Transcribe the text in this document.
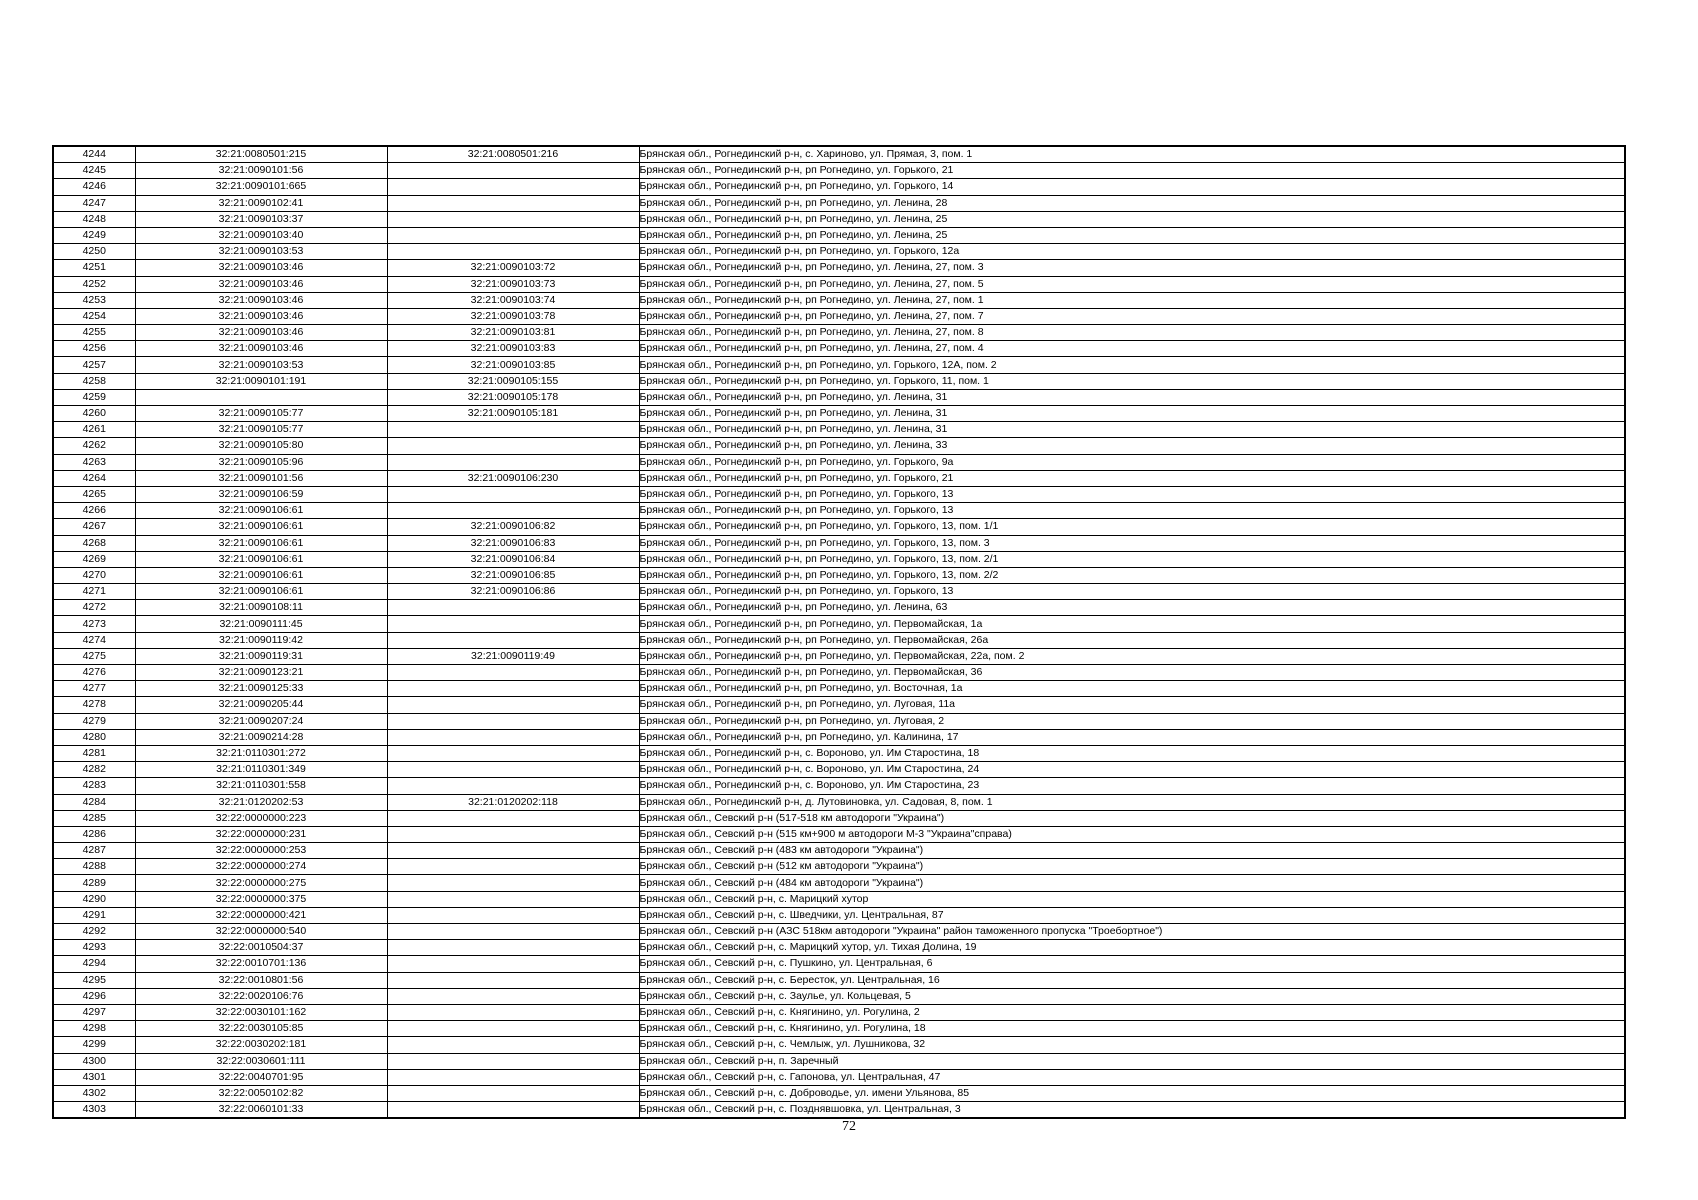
4244	32:21:0080501:215	32:21:0080501:216	Брянская обл., Рогнединский р-н, с. Хариново, ул. Прямая, 3, пом. 1
4245	32:21:0090101:56		Брянская обл., Рогнединский р-н, рп Рогнедино, ул. Горького, 21
4246	32:21:0090101:665		Брянская обл., Рогнединский р-н, рп Рогнедино, ул. Горького, 14
4247	32:21:0090102:41		Брянская обл., Рогнединский р-н, рп Рогнедино, ул. Ленина, 28
4248	32:21:0090103:37		Брянская обл., Рогнединский р-н, рп Рогнедино, ул. Ленина, 25
4249	32:21:0090103:40		Брянская обл., Рогнединский р-н, рп Рогнедино, ул. Ленина, 25
4250	32:21:0090103:53		Брянская обл., Рогнединский р-н, рп Рогнедино, ул. Горького, 12а
4251	32:21:0090103:46	32:21:0090103:72	Брянская обл., Рогнединский р-н, рп Рогнедино, ул. Ленина, 27, пом. 3
4252	32:21:0090103:46	32:21:0090103:73	Брянская обл., Рогнединский р-н, рп Рогнедино, ул. Ленина, 27, пом. 5
4253	32:21:0090103:46	32:21:0090103:74	Брянская обл., Рогнединский р-н, рп Рогнедино, ул. Ленина, 27, пом. 1
4254	32:21:0090103:46	32:21:0090103:78	Брянская обл., Рогнединский р-н, рп Рогнедино, ул. Ленина, 27, пом. 7
4255	32:21:0090103:46	32:21:0090103:81	Брянская обл., Рогнединский р-н, рп Рогнедино, ул. Ленина, 27, пом. 8
4256	32:21:0090103:46	32:21:0090103:83	Брянская обл., Рогнединский р-н, рп Рогнедино, ул. Ленина, 27, пом. 4
4257	32:21:0090103:53	32:21:0090103:85	Брянская обл., Рогнединский р-н, рп Рогнедино, ул. Горького, 12А, пом. 2
4258	32:21:0090101:191	32:21:0090105:155	Брянская обл., Рогнединский р-н, рп Рогнедино, ул. Горького, 11, пом. 1
4259		32:21:0090105:178	Брянская обл., Рогнединский р-н, рп Рогнедино, ул. Ленина, 31
4260	32:21:0090105:77	32:21:0090105:181	Брянская обл., Рогнединский р-н, рп Рогнедино, ул. Ленина, 31
4261	32:21:0090105:77		Брянская обл., Рогнединский р-н, рп Рогнедино, ул. Ленина, 31
4262	32:21:0090105:80		Брянская обл., Рогнединский р-н, рп Рогнедино, ул. Ленина, 33
4263	32:21:0090105:96		Брянская обл., Рогнединский р-н, рп Рогнедино, ул. Горького, 9а
4264	32:21:0090101:56	32:21:0090106:230	Брянская обл., Рогнединский р-н, рп Рогнедино, ул. Горького, 21
4265	32:21:0090106:59		Брянская обл., Рогнединский р-н, рп Рогнедино, ул. Горького, 13
4266	32:21:0090106:61		Брянская обл., Рогнединский р-н, рп Рогнедино, ул. Горького, 13
4267	32:21:0090106:61	32:21:0090106:82	Брянская обл., Рогнединский р-н, рп Рогнедино, ул. Горького, 13, пом. 1/1
4268	32:21:0090106:61	32:21:0090106:83	Брянская обл., Рогнединский р-н, рп Рогнедино, ул. Горького, 13, пом. 3
4269	32:21:0090106:61	32:21:0090106:84	Брянская обл., Рогнединский р-н, рп Рогнедино, ул. Горького, 13, пом. 2/1
4270	32:21:0090106:61	32:21:0090106:85	Брянская обл., Рогнединский р-н, рп Рогнедино, ул. Горького, 13, пом. 2/2
4271	32:21:0090106:61	32:21:0090106:86	Брянская обл., Рогнединский р-н, рп Рогнедино, ул. Горького, 13
4272	32:21:0090108:11		Брянская обл., Рогнединский р-н, рп Рогнедино, ул. Ленина, 63
4273	32:21:0090111:45		Брянская обл., Рогнединский р-н, рп Рогнедино, ул. Первомайская, 1а
4274	32:21:0090119:42		Брянская обл., Рогнединский р-н, рп Рогнедино, ул. Первомайская, 26а
4275	32:21:0090119:31	32:21:0090119:49	Брянская обл., Рогнединский р-н, рп Рогнедино, ул. Первомайская, 22а, пом. 2
4276	32:21:0090123:21		Брянская обл., Рогнединский р-н, рп Рогнедино, ул. Первомайская, 36
4277	32:21:0090125:33		Брянская обл., Рогнединский р-н, рп Рогнедино, ул. Восточная, 1а
4278	32:21:0090205:44		Брянская обл., Рогнединский р-н, рп Рогнедино, ул. Луговая, 11а
4279	32:21:0090207:24		Брянская обл., Рогнединский р-н, рп Рогнедино, ул. Луговая, 2
4280	32:21:0090214:28		Брянская обл., Рогнединский р-н, рп Рогнедино, ул. Калинина, 17
4281	32:21:0110301:272		Брянская обл., Рогнединский р-н, с. Вороново, ул. Им Старостина, 18
4282	32:21:0110301:349		Брянская обл., Рогнединский р-н, с. Вороново, ул. Им Старостина, 24
4283	32:21:0110301:558		Брянская обл., Рогнединский р-н, с. Вороново, ул. Им Старостина, 23
4284	32:21:0120202:53	32:21:0120202:118	Брянская обл., Рогнединский р-н, д. Лутовиновка, ул. Садовая, 8, пом. 1
4285	32:22:0000000:223		Брянская обл., Севский р-н (517-518 км автодороги "Украина")
4286	32:22:0000000:231		Брянская обл., Севский р-н (515 км+900 м автодороги М-3 "Украина"справа)
4287	32:22:0000000:253		Брянская обл., Севский р-н (483 км автодороги "Украина")
4288	32:22:0000000:274		Брянская обл., Севский р-н (512 км автодороги "Украина")
4289	32:22:0000000:275		Брянская обл., Севский р-н (484 км автодороги "Украина")
4290	32:22:0000000:375		Брянская обл., Севский р-н, с. Марицкий хутор
4291	32:22:0000000:421		Брянская обл., Севский р-н, с. Шведчики, ул. Центральная, 87
4292	32:22:0000000:540		Брянская обл., Севский р-н (АЗС 518км автодороги "Украина" район таможенного пропуска "Троебортное")
4293	32:22:0010504:37		Брянская обл., Севский р-н, с. Марицкий хутор, ул. Тихая Долина, 19
4294	32:22:0010701:136		Брянская обл., Севский р-н, с. Пушкино, ул. Центральная, 6
4295	32:22:0010801:56		Брянская обл., Севский р-н, с. Бересток, ул. Центральная, 16
4296	32:22:0020106:76		Брянская обл., Севский р-н, с. Заулье, ул. Кольцевая, 5
4297	32:22:0030101:162		Брянская обл., Севский р-н, с. Княгинино, ул. Рогулина, 2
4298	32:22:0030105:85		Брянская обл., Севский р-н, с. Княгинино, ул. Рогулина, 18
4299	32:22:0030202:181		Брянская обл., Севский р-н, с. Чемлыж, ул. Лушникова, 32
4300	32:22:0030601:111		Брянская обл., Севский р-н, п. Заречный
4301	32:22:0040701:95		Брянская обл., Севский р-н, с. Гапонова, ул. Центральная, 47
4302	32:22:0050102:82		Брянская обл., Севский р-н, с. Доброводье, ул. имени Ульянова, 85
4303	32:22:0060101:33		Брянская обл., Севский р-н, с. Позднявшовка, ул. Центральная, 3
72
